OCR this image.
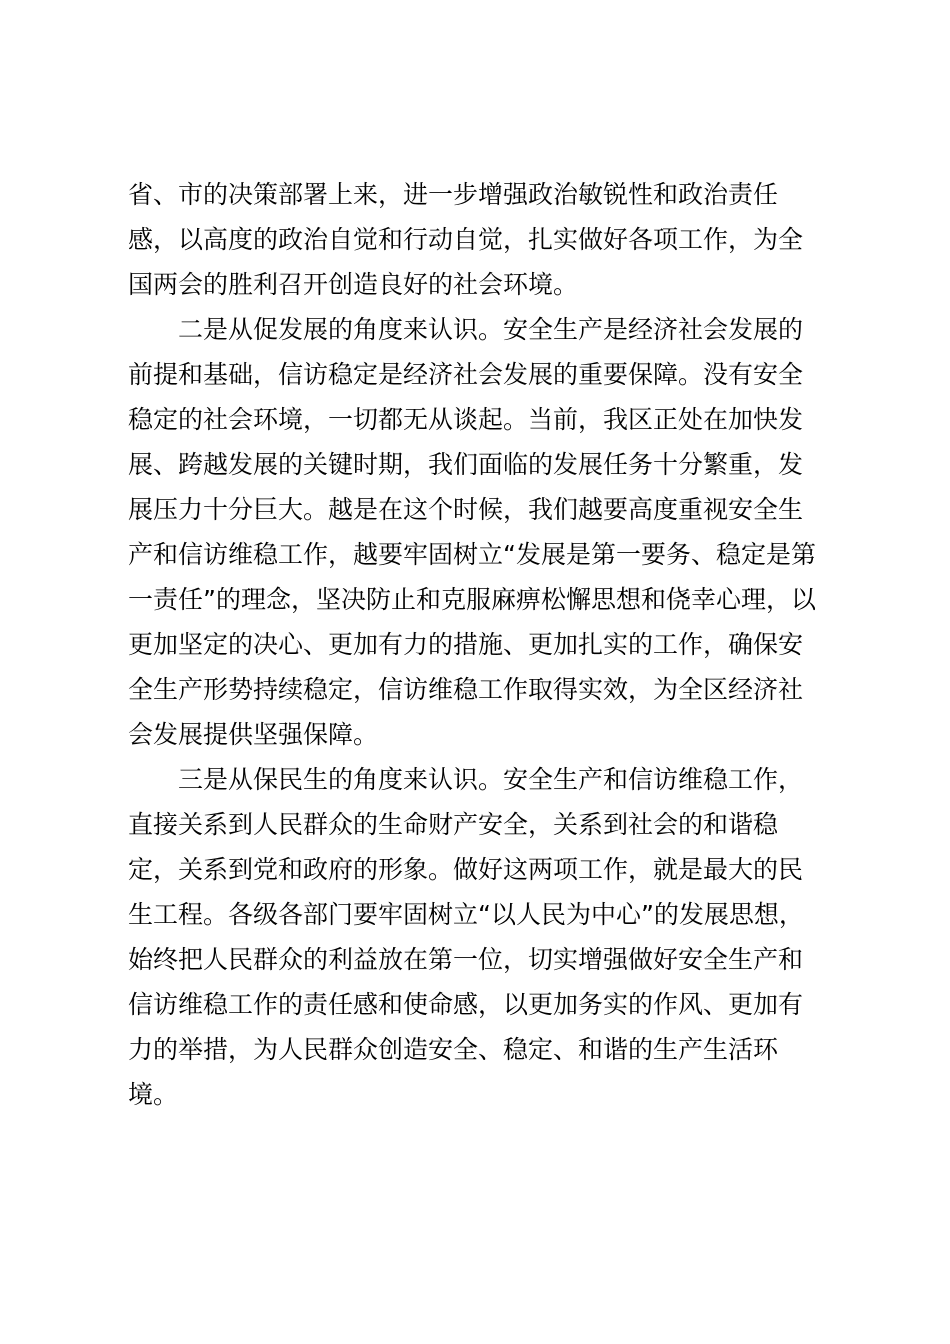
省、市的决策部署上来，进一步增强政治敏锐性和政治责任
感，以高度的政治自觉和行动自觉，扎实做好各项工作，为全
国两会的胜利召开创造良好的社会环境。
二是从促发展的角度来认识。安全生产是经济社会发展的
前提和基础，信访稳定是经济社会发展的重要保障。没有安全
稳定的社会环境，一切都无从谈起。当前，我区正处在加快发
展、跨越发展的关键时期，我们面临的发展任务十分繁重，发
展压力十分巨大。越是在这个时候，我们越要高度重视安全生
产和信访维稳工作，越要牢固树立“发展是第一要务、稳定是第
一责任”的理念，坚决防止和克服麻痹松懈思想和侥幸心理，以
更加坚定的决心、更加有力的措施、更加扎实的工作，确保安
全生产形势持续稳定，信访维稳工作取得实效，为全区经济社
会发展提供坚强保障。
三是从保民生的角度来认识。安全生产和信访维稳工作，
直接关系到人民群众的生命财产安全，关系到社会的和谐稳
定，关系到党和政府的形象。做好这两项工作，就是最大的民
生工程。各级各部门要牢固树立“以人民为中心”的发展思想，
始终把人民群众的利益放在第一位，切实增强做好安全生产和
信访维稳工作的责任感和使命感，以更加务实的作风、更加有
力的举措，为人民群众创造安全、稳定、和谐的生产生活环
境。
